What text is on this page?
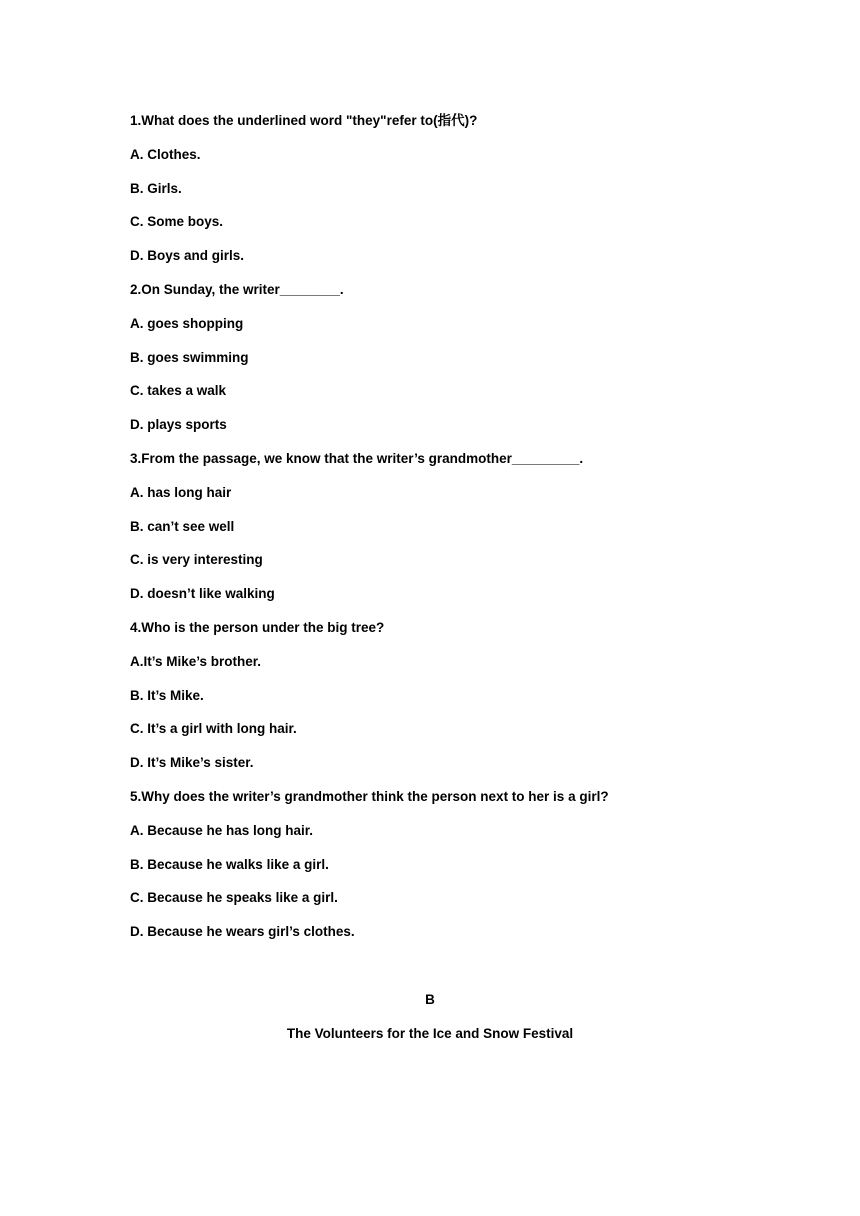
1.What does the underlined word "they"refer to(指代)?
A. Clothes.
B. Girls.
C. Some boys.
D. Boys and girls.
2.On Sunday, the writer________.
A. goes shopping
B. goes swimming
C. takes a walk
D. plays sports
3.From the passage, we know that the writer’s grandmother_________.
A. has long hair
B. can’t see well
C. is very interesting
D. doesn’t like walking
4.Who is the person under the big tree?
A.It’s Mike’s brother.
B. It’s Mike.
C. It’s a girl with long hair.
D. It’s Mike’s sister.
5.Why does the writer’s grandmother think the person next to her is a girl?
A. Because he has long hair.
B. Because he walks like a girl.
C. Because he speaks like a girl.
D. Because he wears girl’s clothes.
B
The Volunteers for the Ice and Snow Festival
